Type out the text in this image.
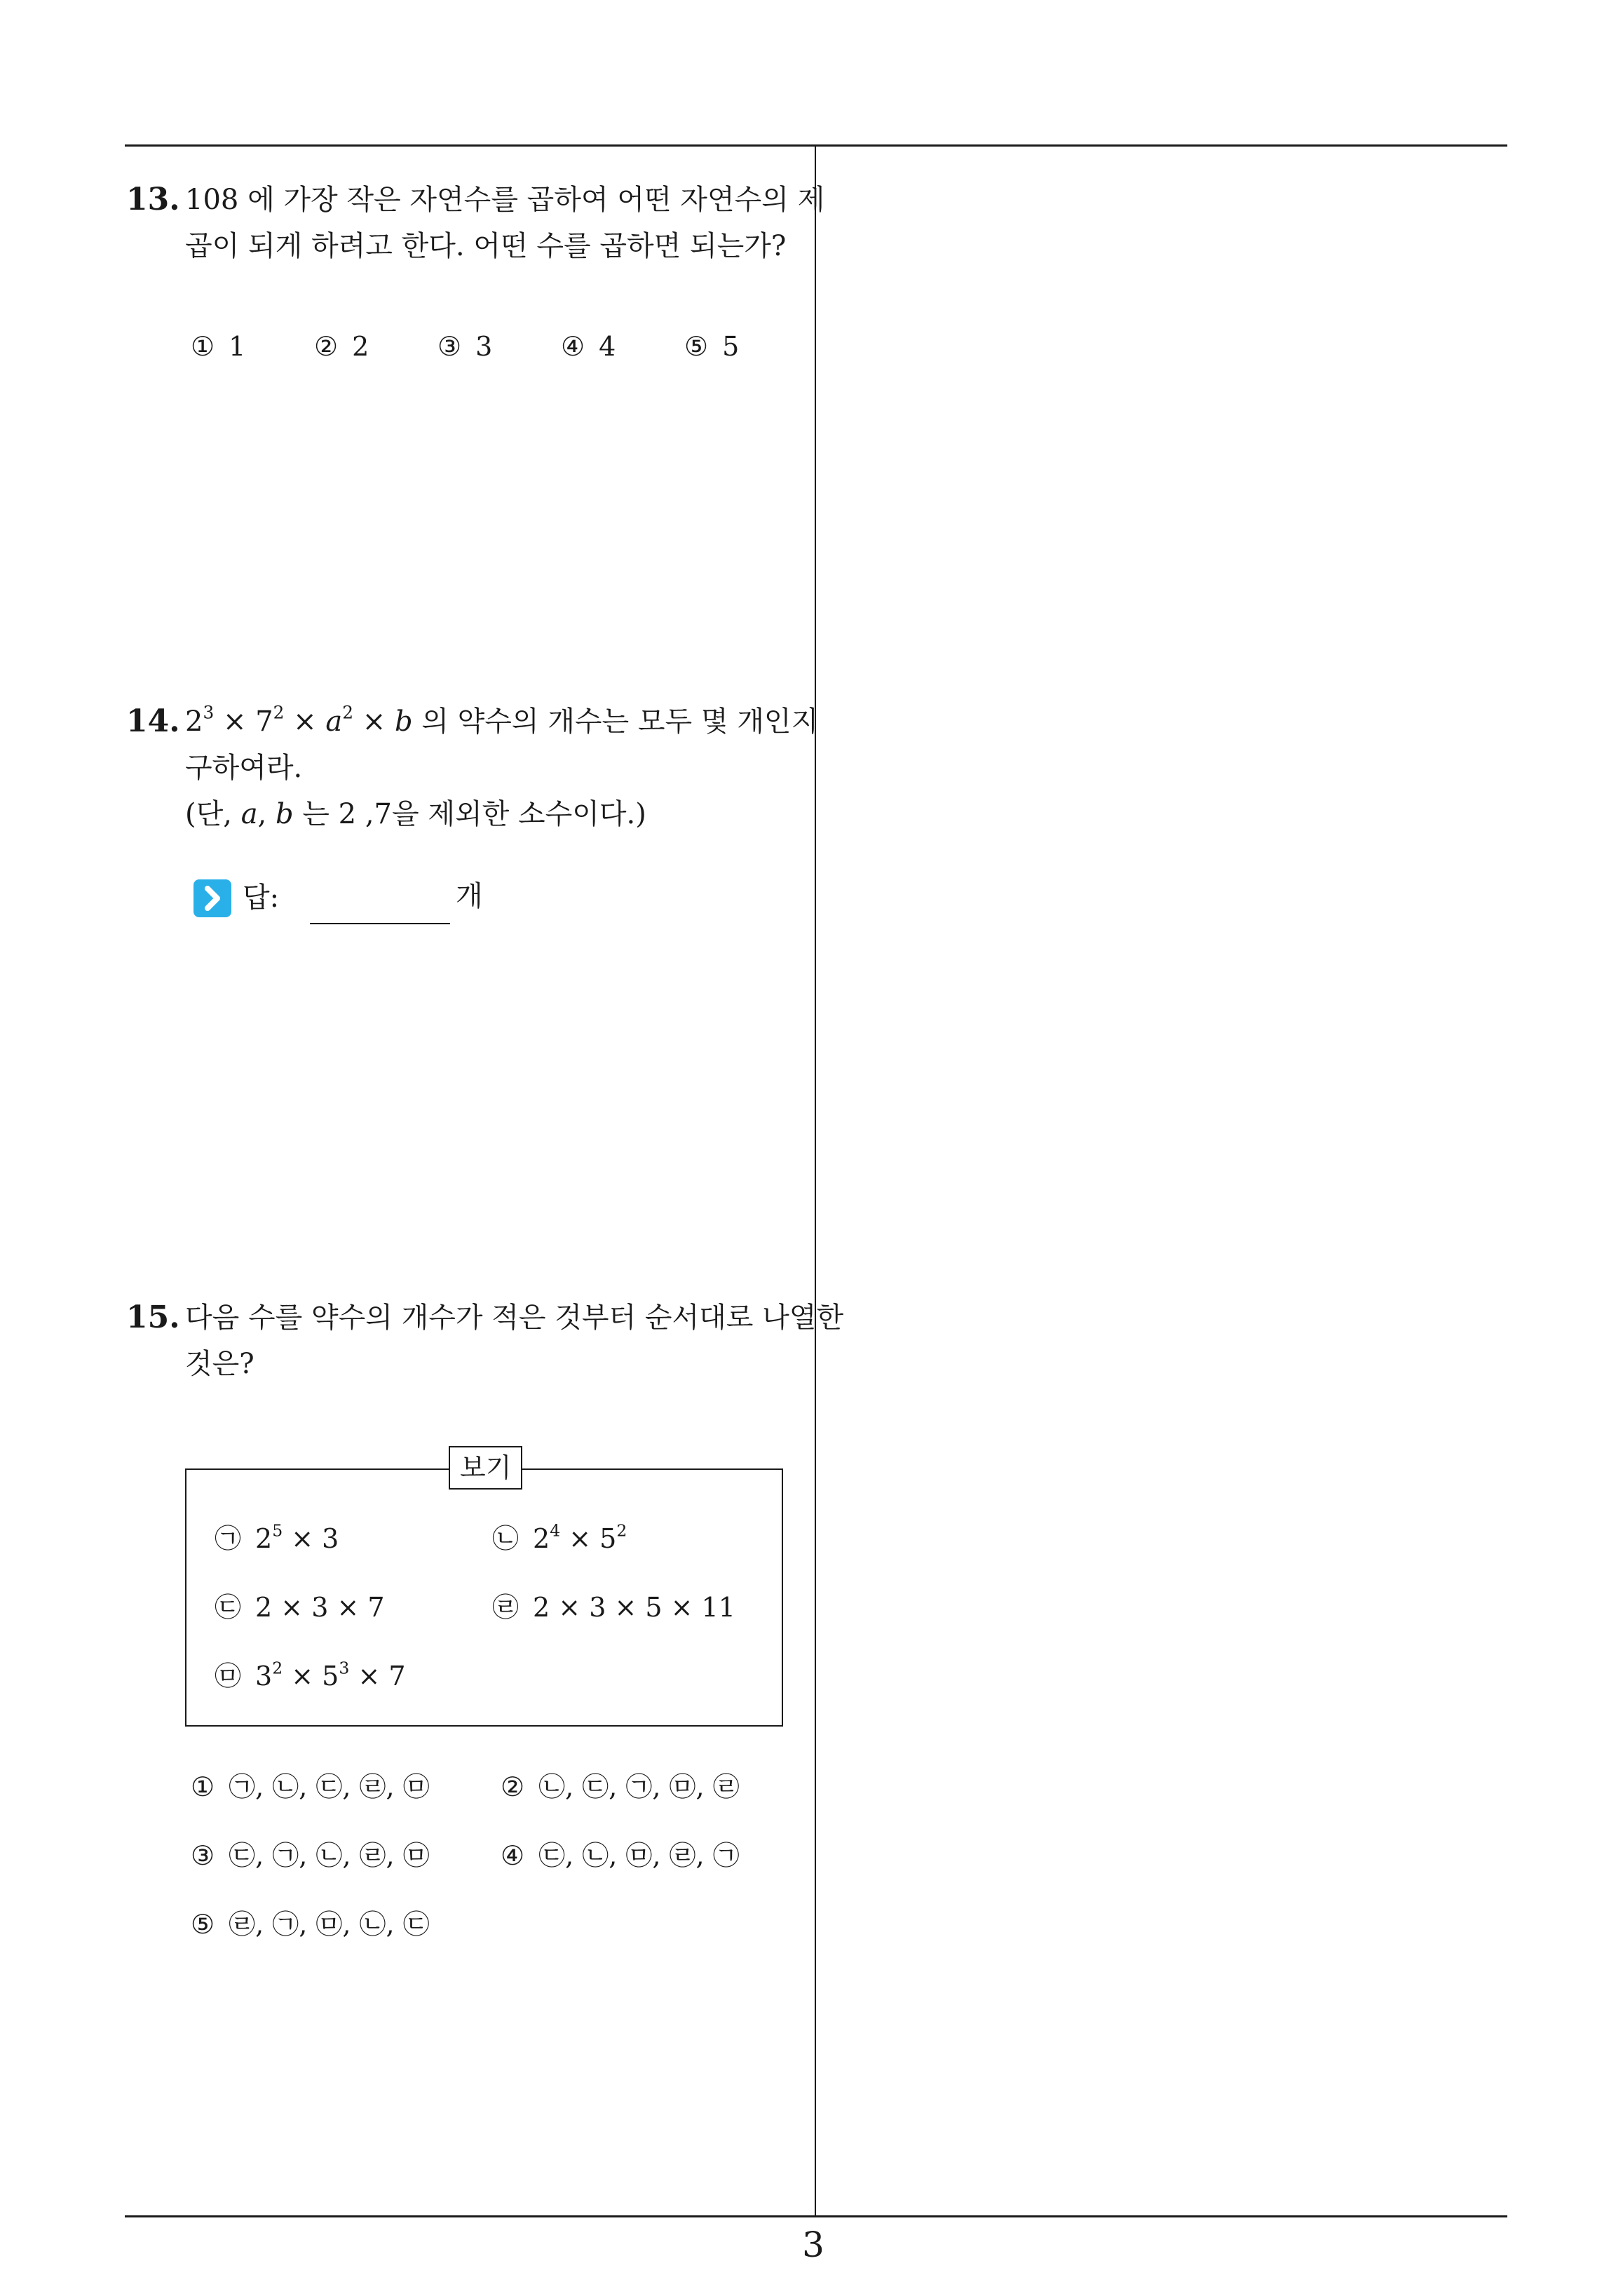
13. 108 에 가장 작은 자연수를 곱하여 어떤 자연수의 제
곱이 되게 하려고 한다. 어떤 수를 곱하면 되는가?
① 1	② 2	③ 3	④ 4	⑤ 5
14. $2^3 \times 7^2 \times a^2 \times b$ 의 약수의 개수는 모두 몇 개인지
구하여라.
(단, a, b 는 2 ,7을 제외한 소수이다.)
답:	개
15. 다음 수를 약수의 개수가 적은 것부터 순서대로 나열한
것은?
보기
㉠ $2^5 \times 3$	㉡ $2^4 \times 5^2$
㉢ 2 × 3 × 7	㉣ 2 × 3 × 5 × 11
㉤ $3^2 \times 5^3 \times 7$
① ㉠, ㉡, ㉢, ㉣, ㉤	② ㉡, ㉢, ㉠, ㉤, ㉣
③ ㉢, ㉠, ㉡, ㉣, ㉤	④ ㉢, ㉡, ㉤, ㉣, ㉠
⑤ ㉣, ㉠, ㉤, ㉡, ㉢
3
